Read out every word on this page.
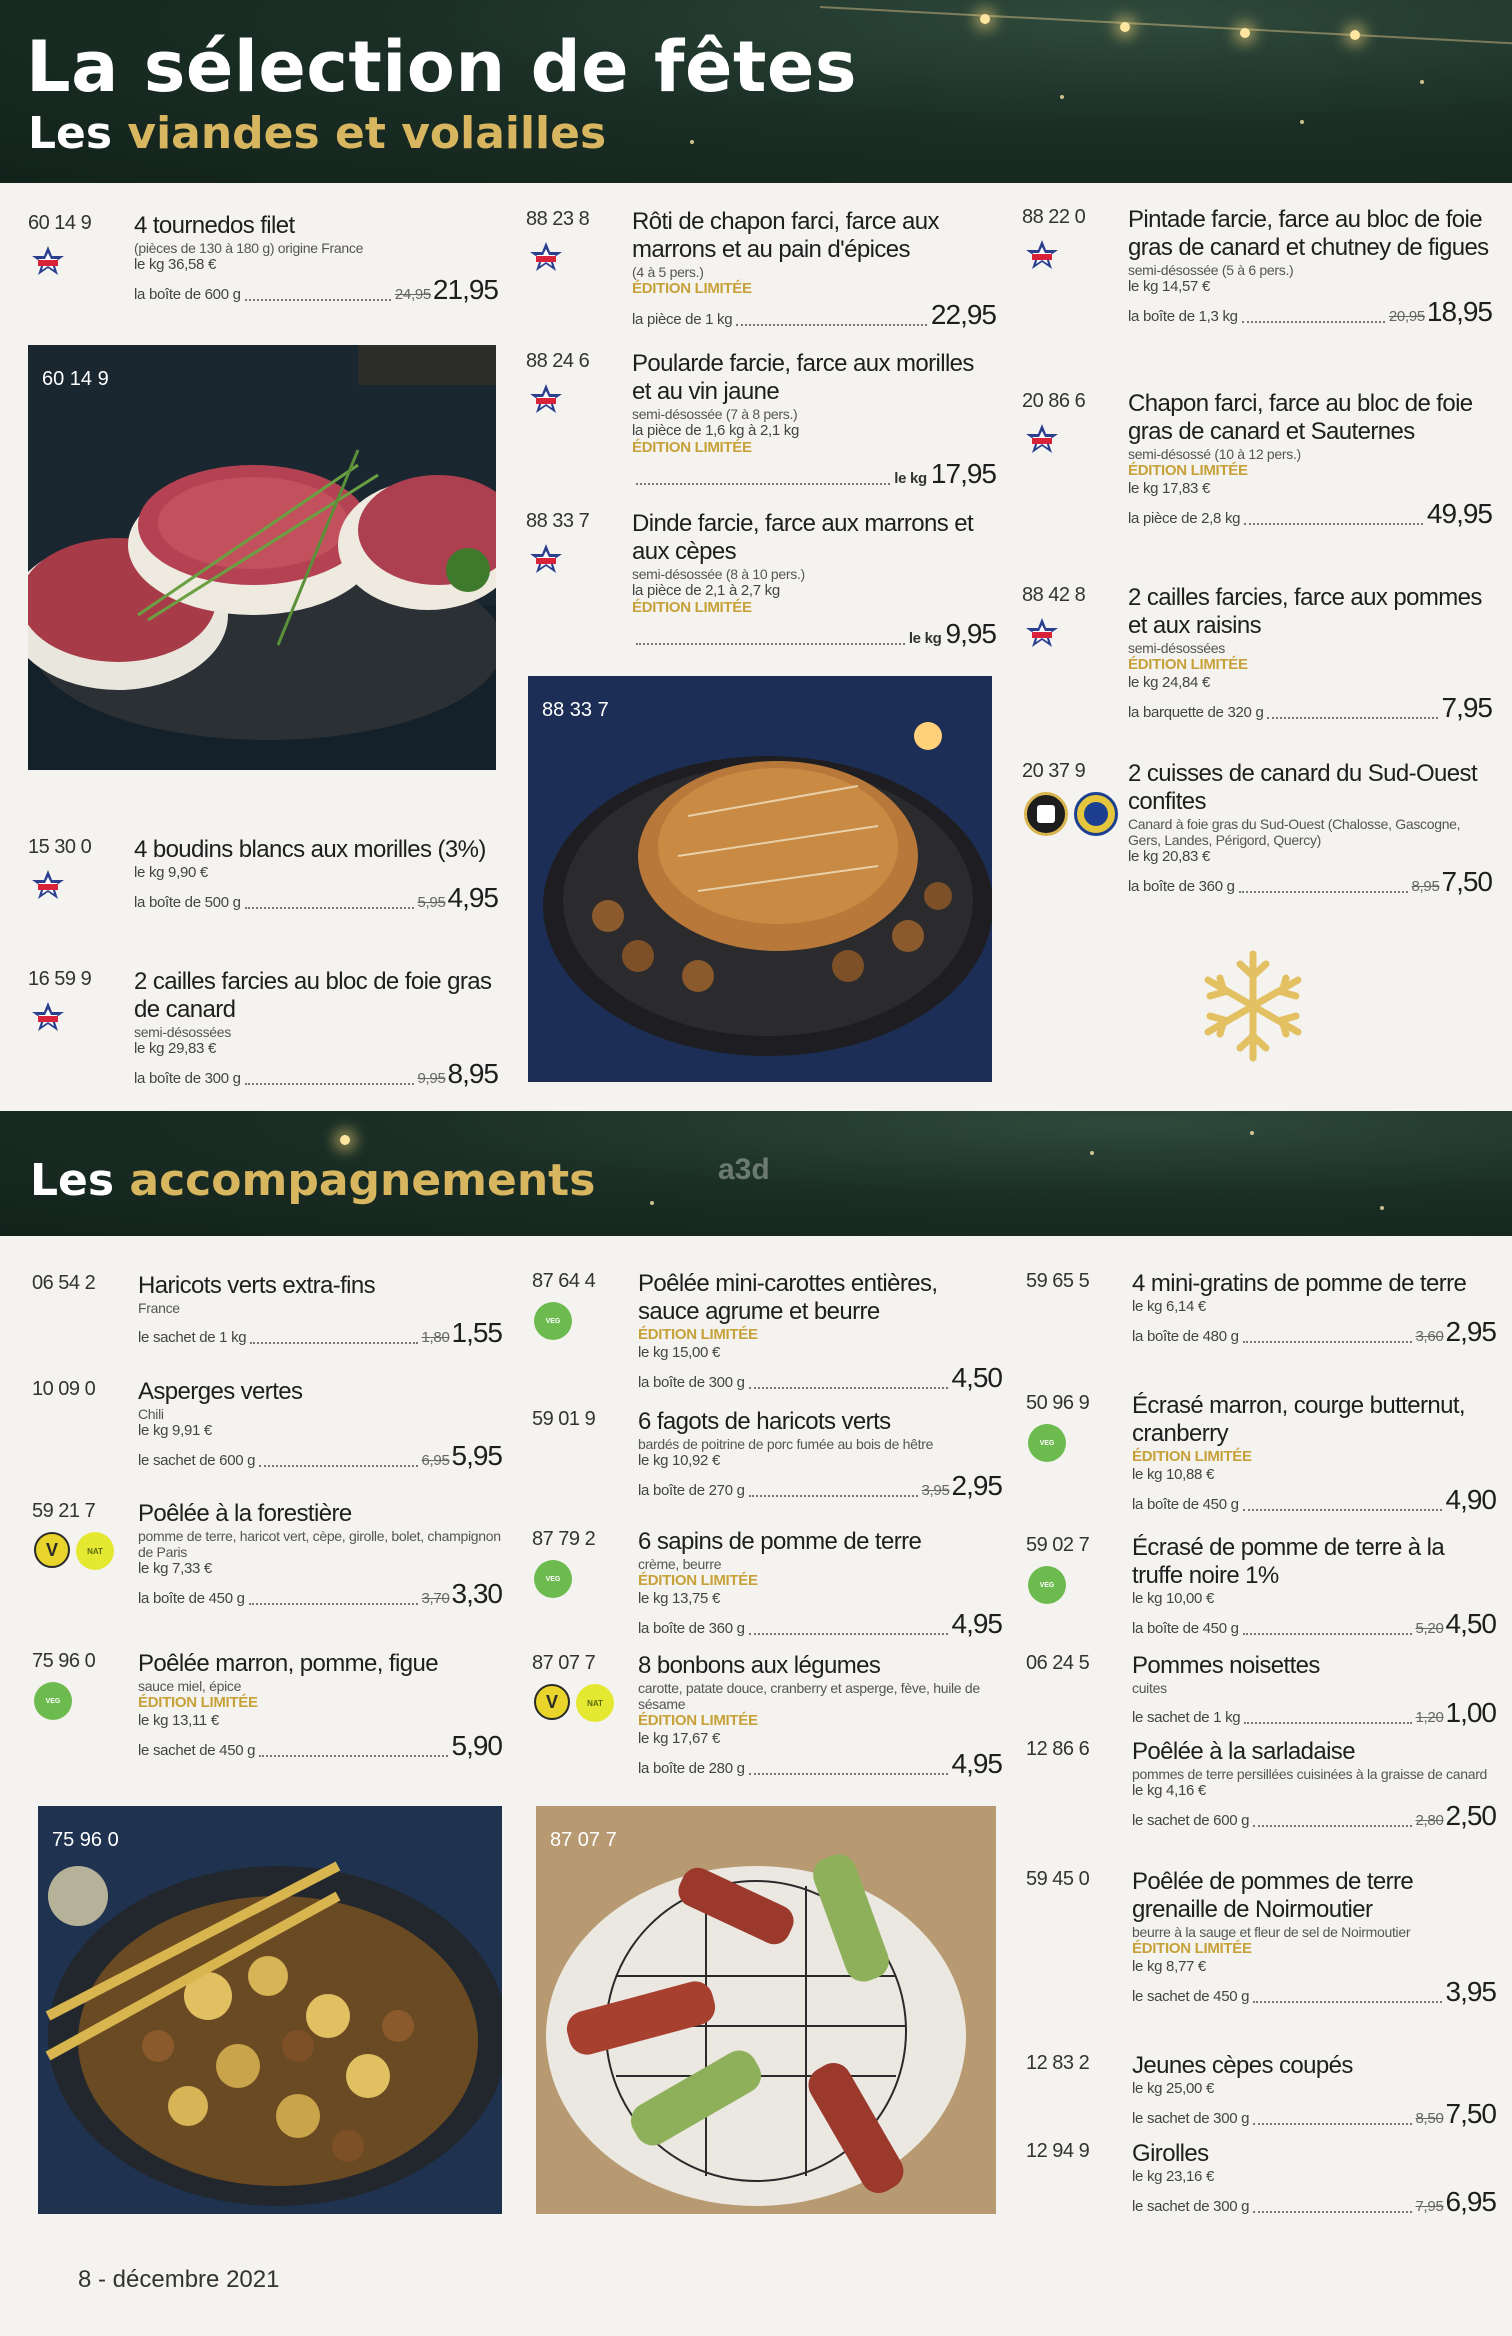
La sélection de fêtes
Les viandes et volailles
60 14 9 4 tournedos filet
(pièces de 130 à 180 g) origine France
le kg 36,58 €
la boîte de 600 g	24,95 21,95
60 14 9
15 30 0 4 boudins blancs aux morilles (3%)
le kg 9,90 €
la boîte de 500 g	5,95 4,95
16 59 9 2 cailles farcies au bloc de foie gras de canard
semi-désossées
le kg 29,83 €
la boîte de 300 g	9,95 8,95
88 23 8 Rôti de chapon farci, farce aux marrons et au pain d'épices
(4 à 5 pers.)
ÉDITION LIMITÉE
la pièce de 1 kg	22,95
88 24 6 Poularde farcie, farce aux morilles et au vin jaune
semi-désossée (7 à 8 pers.)
la pièce de 1,6 kg à 2,1 kg
ÉDITION LIMITÉE
le kg 17,95
88 33 7 Dinde farcie, farce aux marrons et aux cèpes
semi-désossée (8 à 10 pers.)
la pièce de 2,1 à 2,7 kg
ÉDITION LIMITÉE
le kg 9,95
88 33 7
88 22 0 Pintade farcie, farce au bloc de foie gras de canard et chutney de figues
semi-désossée (5 à 6 pers.)
le kg 14,57 €
la boîte de 1,3 kg	20,95 18,95
20 86 6 Chapon farci, farce au bloc de foie gras de canard et Sauternes
semi-désossé (10 à 12 pers.)
ÉDITION LIMITÉE
le kg 17,83 €
la pièce de 2,8 kg	49,95
88 42 8 2 cailles farcies, farce aux pommes et aux raisins
semi-désossées
ÉDITION LIMITÉE
le kg 24,84 €
la barquette de 320 g	7,95
20 37 9 2 cuisses de canard du Sud-Ouest confites
Canard à foie gras du Sud-Ouest (Chalosse, Gascogne, Gers, Landes, Périgord, Quercy)
le kg 20,83 €
la boîte de 360 g	8,95 7,50
Les accompagnements	a3d
06 54 2 Haricots verts extra-fins
France
le sachet de 1 kg	1,80 1,55
10 09 0 Asperges vertes
Chili
le kg 9,91 €
le sachet de 600 g	6,95 5,95
59 21 7
V	NAT
Poêlée à la forestière
pomme de terre, haricot vert, cèpe, girolle, bolet, champignon de Paris
le kg 7,33 €
la boîte de 450 g	3,70 3,30
75 96 0
VEG
Poêlée marron, pomme, figue
sauce miel, épice
ÉDITION LIMITÉE
le kg 13,11 €
le sachet de 450 g	5,90
75 96 0
87 64 4
VEG
Poêlée mini-carottes entières, sauce agrume et beurre
ÉDITION LIMITÉE
le kg 15,00 €
la boîte de 300 g	4,50
59 01 9 6 fagots de haricots verts
bardés de poitrine de porc fumée au bois de hêtre
le kg 10,92 €
la boîte de 270 g	3,95 2,95
87 79 2
VEG
6 sapins de pomme de terre
crème, beurre
ÉDITION LIMITÉE
le kg 13,75 €
la boîte de 360 g	4,95
87 07 7
V	NAT
8 bonbons aux légumes
carotte, patate douce, cranberry et asperge, fève, huile de sésame
ÉDITION LIMITÉE
le kg 17,67 €
la boîte de 280 g	4,95
87 07 7
59 65 5 4 mini-gratins de pomme de terre
le kg 6,14 €
la boîte de 480 g	3,60 2,95
50 96 9
VEG
Écrasé marron, courge butternut, cranberry
ÉDITION LIMITÉE
le kg 10,88 €
la boîte de 450 g	4,90
59 02 7
VEG
Écrasé de pomme de terre à la truffe noire 1%
le kg 10,00 €
la boîte de 450 g	5,20 4,50
06 24 5 Pommes noisettes
cuites
le sachet de 1 kg	1,20 1,00
12 86 6 Poêlée à la sarladaise
pommes de terre persillées cuisinées à la graisse de canard
le kg 4,16 €
le sachet de 600 g	2,80 2,50
59 45 0 Poêlée de pommes de terre grenaille de Noirmoutier
beurre à la sauge et fleur de sel de Noirmoutier
ÉDITION LIMITÉE
le kg 8,77 €
le sachet de 450 g	3,95
12 83 2 Jeunes cèpes coupés
le kg 25,00 €
le sachet de 300 g	8,50 7,50
12 94 9 Girolles
le kg 23,16 €
le sachet de 300 g	7,95 6,95
8 - décembre 2021
